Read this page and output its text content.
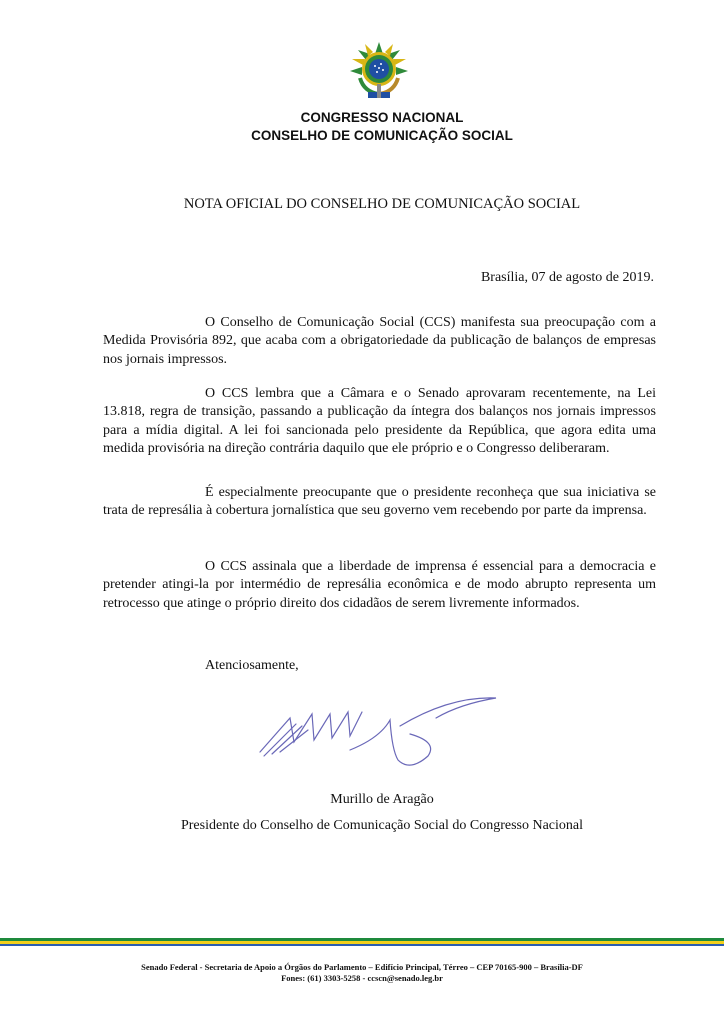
CONGRESSO NACIONAL
CONSELHO DE COMUNICAÇÃO SOCIAL
NOTA OFICIAL DO CONSELHO DE COMUNICAÇÃO SOCIAL
Brasília, 07 de agosto de 2019.

O Conselho de Comunicação Social (CCS) manifesta sua preocupação com a Medida Provisória 892, que acaba com a obrigatoriedade da publicação de balanços de empresas nos jornais impressos.

O CCS lembra que a Câmara e o Senado aprovaram recentemente, na Lei 13.818, regra de transição, passando a publicação da íntegra dos balanços nos jornais impressos para a mídia digital. A lei foi sancionada pelo presidente da República, que agora edita uma medida provisória na direção contrária daquilo que ele próprio e o Congresso deliberaram.

É especialmente preocupante que o presidente reconheça que sua iniciativa se trata de represália à cobertura jornalística que seu governo vem recebendo por parte da imprensa.

O CCS assinala que a liberdade de imprensa é essencial para a democracia e pretender atingi-la por intermédio de represália econômica e de modo abrupto representa um retrocesso que atinge o próprio direito dos cidadãos de serem livremente informados.

Atenciosamente,
Murillo de Aragão
Presidente do Conselho de Comunicação Social do Congresso Nacional
Senado Federal - Secretaria de Apoio a Órgãos do Parlamento – Edifício Principal, Térreo – CEP 70165-900 – Brasília-DF
Fones: (61) 3303-5258 - ccscn@senado.leg.br
